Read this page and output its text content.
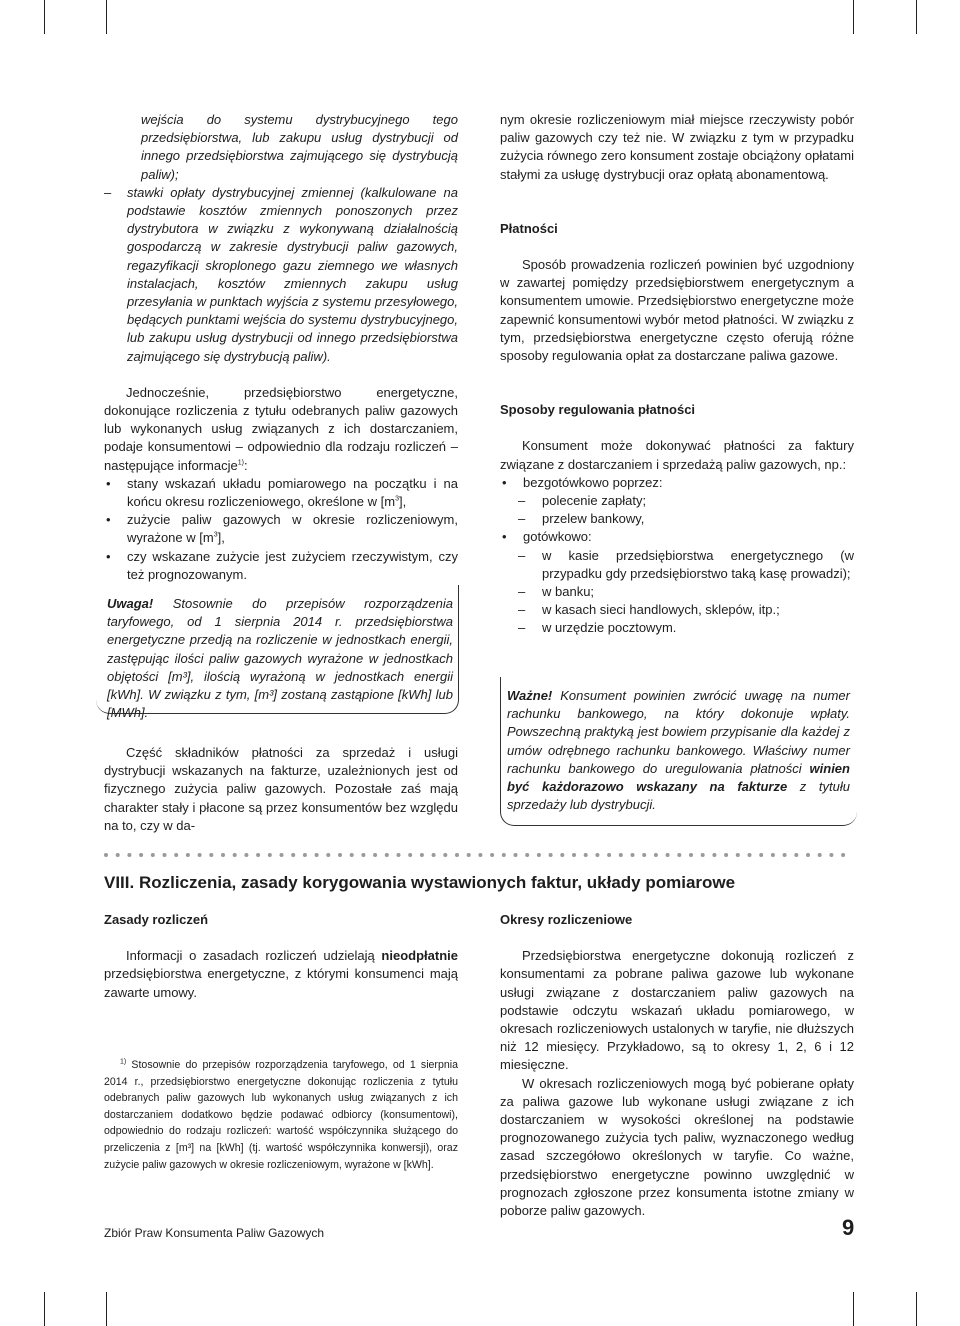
wejścia do systemu dystrybucyjnego tego przedsiębiorstwa, lub zakupu usług dystrybucji od innego przedsiębiorstwa zajmującego się dystrybucją paliw);

– stawki opłaty dystrybucyjnej zmiennej (kalkulowane na podstawie kosztów zmiennych ponoszonych przez dystrybutora w związku z wykonywaną działalnością gospodarczą w zakresie dystrybucji paliw gazowych, regazyfikacji skroplonego gazu ziemnego we własnych instalacjach, kosztów zmiennych zakupu usług przesyłania w punktach wyjścia z systemu przesyłowego, będących punktami wejścia do systemu dystrybucyjnego, lub zakupu usług dystrybucji od innego przedsiębiorstwa zajmującego się dystrybucją paliw).

Jednocześnie, przedsiębiorstwo energetyczne, dokonujące rozliczenia z tytułu odebranych paliw gazowych lub wykonanych usług związanych z ich dostarczaniem, podaje konsumentowi – odpowiednio dla rodzaju rozliczeń – następujące informacje$^{1)}$:

• stany wskazań układu pomiarowego na początku i na końcu okresu rozliczeniowego, określone w $[m^3]$,
• zużycie paliw gazowych w okresie rozliczeniowym, wyrażone w $[m^3]$,
• czy wskazane zużycie jest zużyciem rzeczywistym, czy też prognozowanym.

Uwaga! Stosownie do przepisów rozporządzenia taryfowego, od 1 sierpnia 2014 r. przedsiębiorstwa energetyczne przedją na rozliczenie w jednostkach energii, zastępując ilości paliw gazowych wyrażone w jednostkach objętości [m³], ilością wyrażoną w jednostkach energii [kWh]. W związku z tym, [m³] zostaną zastąpione [kWh] lub [MWh].

Część składników płatności za sprzedaż i usługi dystrybucji wskazanych na fakturze, uzależnionych jest od fizycznego zużycia paliw gazowych. Pozostałe zaś mają charakter stały i płacone są przez konsumentów bez względu na to, czy w da-

nym okresie rozliczeniowym miał miejsce rzeczywisty pobór paliw gazowych czy też nie. W związku z tym w przypadku zużycia równego zero konsument zostaje obciążony opłatami stałymi za usługę dystrybucji oraz opłatą abonamentową.

Płatności

Sposób prowadzenia rozliczeń powinien być uzgodniony w zawartej pomiędzy przedsiębiorstwem energetycznym a konsumentem umowie. Przedsiębiorstwo energetyczne może zapewnić konsumentowi wybór metod płatności. W związku z tym, przedsiębiorstwa energetyczne często oferują różne sposoby regulowania opłat za dostarczane paliwa gazowe.

Sposoby regulowania płatności

Konsument może dokonywać płatności za faktury związane z dostarczaniem i sprzedażą paliw gazowych, np.:

• bezgotówkowo poprzez:
– polecenie zapłaty;
– przelew bankowy,
• gotówkowo:
– w kasie przedsiębiorstwa energetycznego (w przypadku gdy przedsiębiorstwo taką kasę prowadzi);
– w banku;
– w kasach sieci handlowych, sklepów, itp.;
– w urzędzie pocztowym.

Ważne! Konsument powinien zwrócić uwagę na numer rachunku bankowego, na który dokonuje wpłaty. Powszechną praktyką jest bowiem przypisanie dla każdej z umów odrębnego rachunku bankowego. Właściwy numer rachunku bankowego do uregulowania płatności winien być każdorazowo wskazany na fakturze z tytułu sprzedaży lub dystrybucji.

VIII. Rozliczenia, zasady korygowania wystawionych faktur, układy pomiarowe

Zasady rozliczeń

Informacji o zasadach rozliczeń udzielają nieodpłatnie przedsiębiorstwa energetyczne, z którymi konsumenci mają zawarte umowy.

$^{1)}$ Stosownie do przepisów rozporządzenia taryfowego, od 1 sierpnia 2014 r., przedsiębiorstwo energetyczne dokonując rozliczenia z tytułu odebranych paliw gazowych lub wykonanych usług związanych z ich dostarczaniem dodatkowo będzie podawać odbiorcy (konsumentowi), odpowiednio do rodzaju rozliczeń: wartość współczynnika służącego do przeliczenia z [m³] na [kWh] (tj. wartość współczynnika konwersji), oraz zużycie paliw gazowych w okresie rozliczeniowym, wyrażone w [kWh].

Okresy rozliczeniowe

Przedsiębiorstwa energetyczne dokonują rozliczeń z konsumentami za pobrane paliwa gazowe lub wykonane usługi związane z dostarczaniem paliw gazowych na podstawie odczytu wskazań układu pomiarowego, w okresach rozliczeniowych ustalonych w taryfie, nie dłuższych niż 12 miesięcy. Przykładowo, są to okresy 1, 2, 6 i 12 miesięczne.

W okresach rozliczeniowych mogą być pobierane opłaty za paliwa gazowe lub wykonane usługi związane z ich dostarczaniem w wysokości określonej na podstawie prognozowanego zużycia tych paliw, wyznaczonego według zasad szczegółowo określonych w taryfie. Co ważne, przedsiębiorstwo energetyczne powinno uwzględnić w prognozach zgłoszone przez konsumenta istotne zmiany w poborze paliw gazowych.

Zbiór Praw Konsumenta Paliw Gazowych	9
